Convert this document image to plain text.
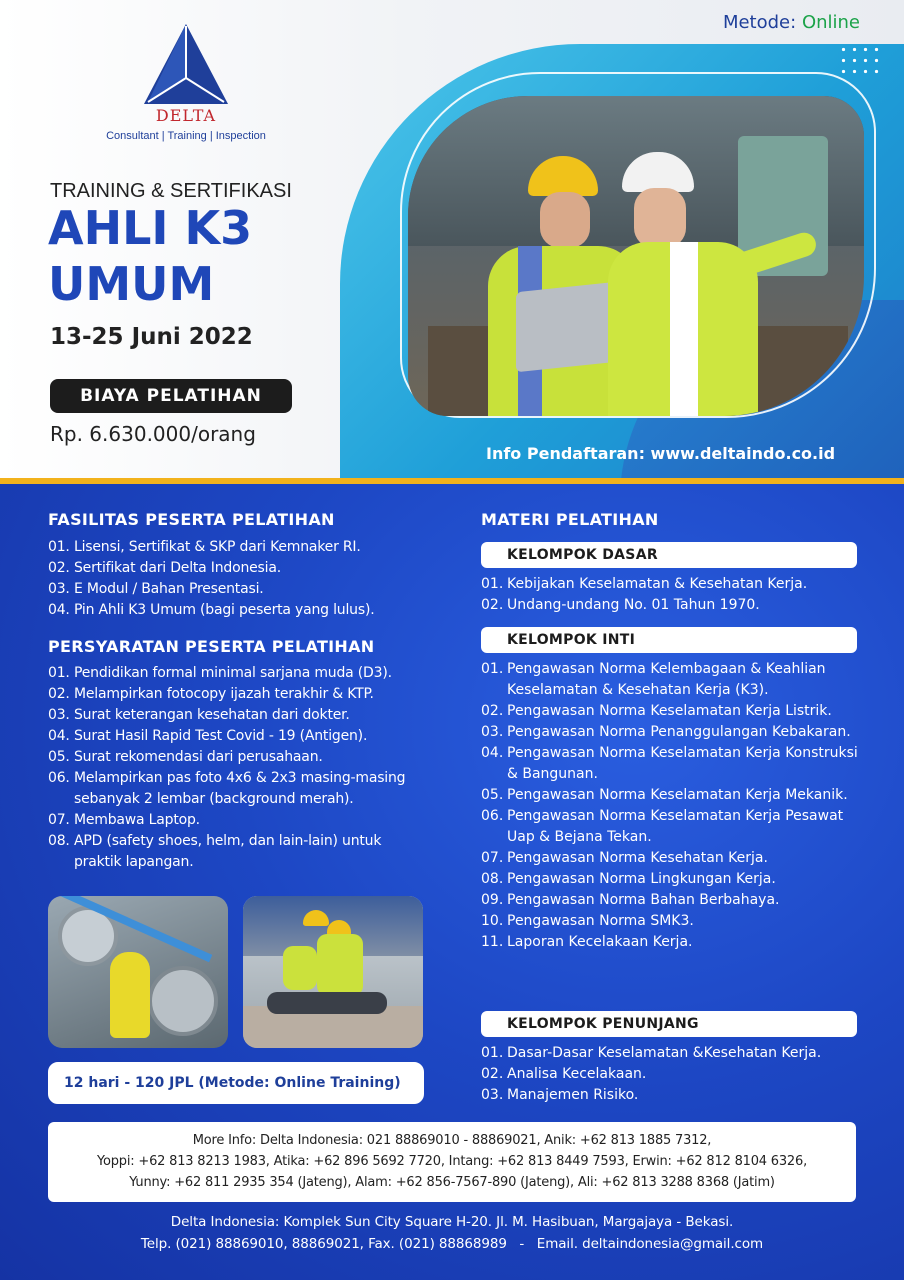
Metode: Online
DELTA
Consultant | Training | Inspection
TRAINING & SERTIFIKASI
AHLI K3
UMUM
13-25 Juni 2022
BIAYA PELATIHAN
Rp. 6.630.000/orang
Info Pendaftaran: www.deltaindo.co.id
FASILITAS PESERTA PELATIHAN
01. Lisensi, Sertifikat & SKP dari Kemnaker RI.
02. Sertifikat dari Delta Indonesia.
03. E Modul / Bahan Presentasi.
04. Pin Ahli K3 Umum (bagi peserta yang lulus).
PERSYARATAN PESERTA PELATIHAN
01. Pendidikan formal minimal sarjana muda (D3).
02. Melampirkan fotocopy ijazah terakhir & KTP.
03. Surat keterangan kesehatan dari dokter.
04. Surat Hasil Rapid Test Covid - 19 (Antigen).
05. Surat rekomendasi dari perusahaan.
06. Melampirkan pas foto 4x6 & 2x3 masing-masing sebanyak 2 lembar (background merah).
07. Membawa Laptop.
08. APD (safety shoes, helm, dan lain-lain) untuk praktik lapangan.
12 hari - 120 JPL (Metode: Online Training)
MATERI PELATIHAN
KELOMPOK DASAR
01. Kebijakan Keselamatan & Kesehatan Kerja.
02. Undang-undang No. 01 Tahun 1970.
KELOMPOK INTI
01. Pengawasan Norma Kelembagaan & Keahlian Keselamatan & Kesehatan Kerja (K3).
02. Pengawasan Norma Keselamatan Kerja Listrik.
03. Pengawasan Norma Penanggulangan Kebakaran.
04. Pengawasan Norma Keselamatan Kerja Konstruksi & Bangunan.
05. Pengawasan Norma Keselamatan Kerja Mekanik.
06. Pengawasan Norma Keselamatan Kerja Pesawat Uap & Bejana Tekan.
07. Pengawasan Norma Kesehatan Kerja.
08. Pengawasan Norma Lingkungan Kerja.
09. Pengawasan Norma Bahan Berbahaya.
10. Pengawasan Norma SMK3.
11. Laporan Kecelakaan Kerja.
KELOMPOK PENUNJANG
01. Dasar-Dasar Keselamatan &Kesehatan Kerja.
02. Analisa Kecelakaan.
03. Manajemen Risiko.
More Info: Delta Indonesia: 021 88869010 - 88869021, Anik: +62 813 1885 7312,
Yoppi: +62 813 8213 1983, Atika: +62 896 5692 7720, Intang: +62 813 8449 7593, Erwin: +62 812 8104 6326,
Yunny: +62 811 2935 354 (Jateng), Alam: +62 856-7567-890 (Jateng), Ali: +62 813 3288 8368 (Jatim)
Delta Indonesia: Komplek Sun City Square H-20. Jl. M. Hasibuan, Margajaya - Bekasi.
Telp. (021) 88869010, 88869021, Fax. (021) 88868989   -   Email. deltaindonesia@gmail.com
